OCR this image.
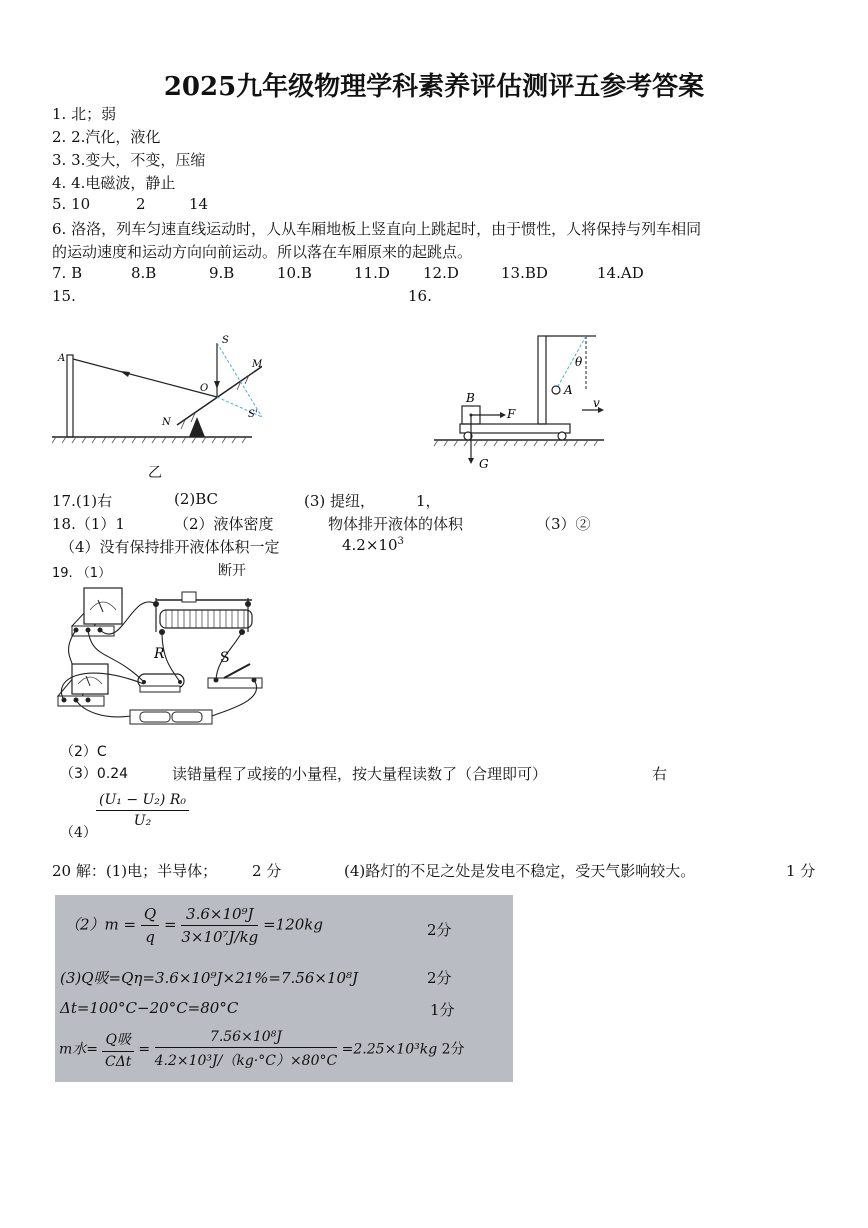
2025九年级物理学科素养评估测评五参考答案
1. 北；弱
2. 2.汽化，液化
3. 3.变大，不变，压缩
4. 4.电磁波，静止
5. 10	2	14
6. 洛洛，列车匀速直线运动时，人从车厢地板上竖直向上跳起时，由于惯性，人将保持与列车相同
的运动速度和运动方向向前运动。所以落在车厢原来的起跳点。
7. B	8.B	9.B	10.B	11.D 12.D	13.BD	14.AD
15.	16.
A
S
M
O
N
S'
乙
B
F
G
A
θ
v
17.(1)右	(2)BC	(3) 提纽，	1，
18.（1）1	（2）液体密度	物体排开液体的体积	（3）②
（4）没有保持排开液体体积一定	$4.2\times 10^3$
19. （1）	断开
R	S
（2）C
（3）0.24	读错量程了或接的小量程，按大量程读数了（合理即可）	右
（4）
$\frac{\text{(U₁ − U₂) R₀}}{\text{U₂}}$
20 解：(1)电；半导体； 2 分	(4)路灯的不足之处是发电不稳定，受天气影响较大。	1 分
$(2)m = \frac{Q}{q} = \frac{\text{3.6×10⁹J}}{\text{3×10⁷J/kg}} =120kg$	2分
(3)Q吸=Qη=3.6×10⁹J×21%=7.56×10⁸J	2分
Δt=100°C−20°C=80°C	1分
m水= $\frac{\text{Q吸}}{\text{CΔt}} = \frac{\text{7.56×10⁸J}}{\text{4.2×10³J/（kg·°C）×80°C}} =2.25\times 10^3kg$ 2分
